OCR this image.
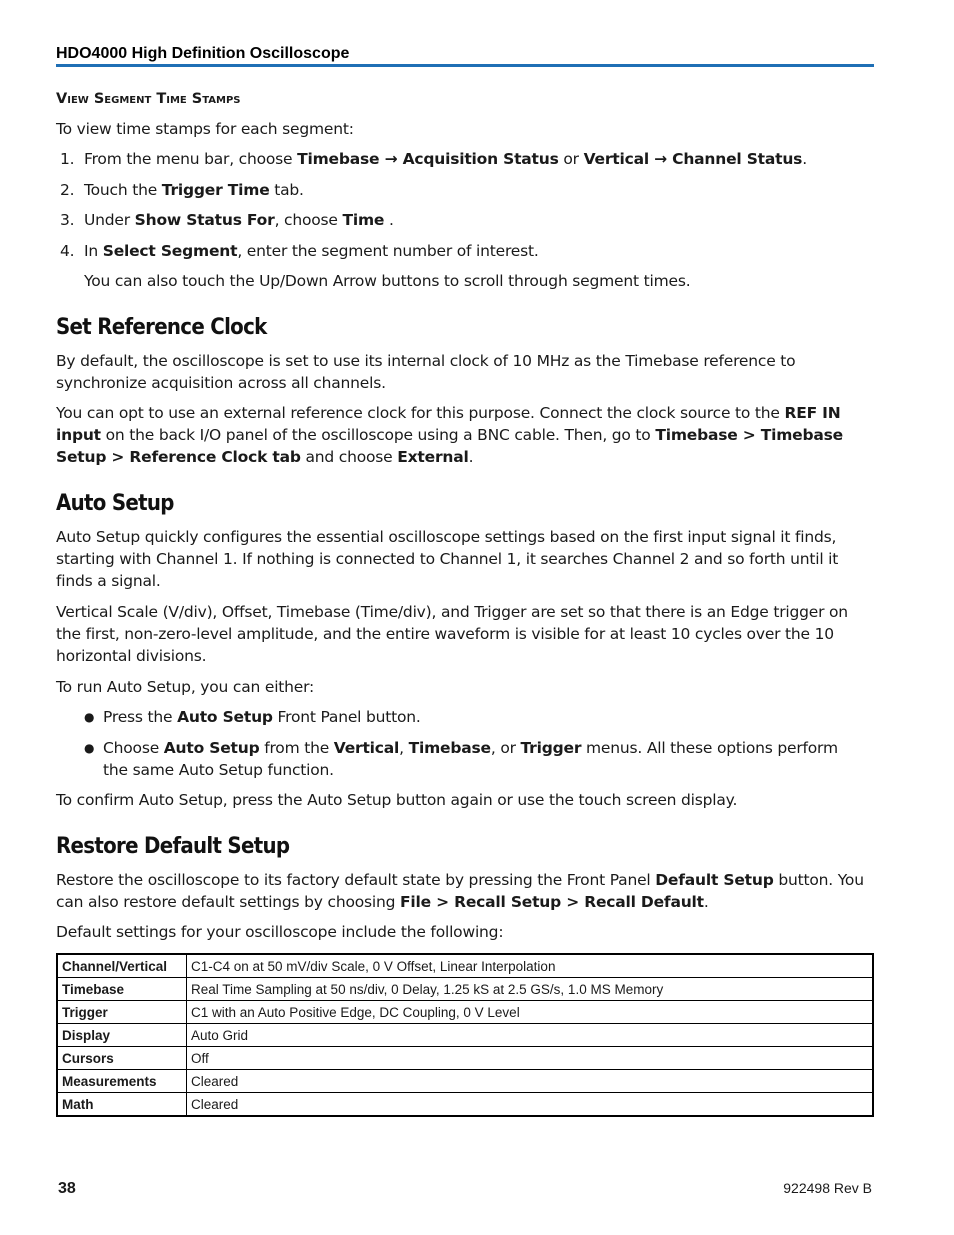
HDO4000 High Definition Oscilloscope
View Segment Time Stamps
To view time stamps for each segment:
1. From the menu bar, choose Timebase → Acquisition Status or Vertical → Channel Status.
2. Touch the Trigger Time tab.
3. Under Show Status For, choose Time .
4. In Select Segment, enter the segment number of interest.
You can also touch the Up/Down Arrow buttons to scroll through segment times.
Set Reference Clock
By default, the oscilloscope is set to use its internal clock of 10 MHz as the Timebase reference to synchronize acquisition across all channels.
You can opt to use an external reference clock for this purpose. Connect the clock source to the REF IN input on the back I/O panel of the oscilloscope using a BNC cable. Then, go to Timebase > Timebase Setup > Reference Clock tab and choose External.
Auto Setup
Auto Setup quickly configures the essential oscilloscope settings based on the first input signal it finds, starting with Channel 1. If nothing is connected to Channel 1, it searches Channel 2 and so forth until it finds a signal.
Vertical Scale (V/div), Offset, Timebase (Time/div), and Trigger are set so that there is an Edge trigger on the first, non-zero-level amplitude, and the entire waveform is visible for at least 10 cycles over the 10 horizontal divisions.
To run Auto Setup, you can either:
● Press the Auto Setup Front Panel button.
● Choose Auto Setup from the Vertical, Timebase, or Trigger menus. All these options perform the same Auto Setup function.
To confirm Auto Setup, press the Auto Setup button again or use the touch screen display.
Restore Default Setup
Restore the oscilloscope to its factory default state by pressing the Front Panel Default Setup button. You can also restore default settings by choosing File > Recall Setup > Recall Default.
Default settings for your oscilloscope include the following:
Channel/Vertical	C1-C4 on at 50 mV/div Scale, 0 V Offset, Linear Interpolation
Timebase	Real Time Sampling at 50 ns/div, 0 Delay, 1.25 kS at 2.5 GS/s, 1.0 MS Memory
Trigger	C1 with an Auto Positive Edge, DC Coupling, 0 V Level
Display	Auto Grid
Cursors	Off
Measurements	Cleared
Math	Cleared
38	922498 Rev B
